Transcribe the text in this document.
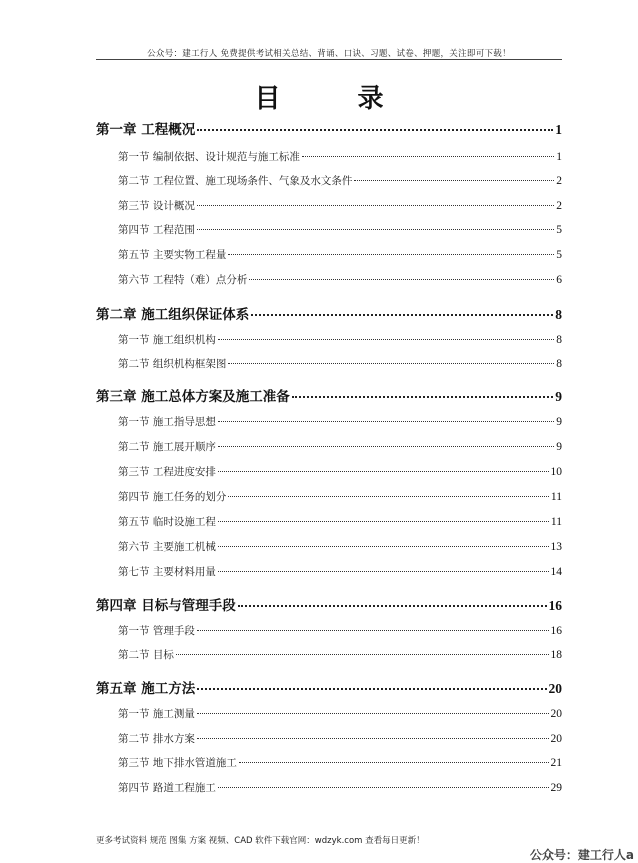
公众号：建工行人 免费提供考试相关总结、背诵、口诀、习题、试卷、押题，关注即可下载！
目 录
第一章 工程概况	1
第一节 编制依据、设计规范与施工标准	1
第二节 工程位置、施工现场条件、气象及水文条件	2
第三节 设计概况	2
第四节 工程范围	5
第五节 主要实物工程量	5
第六节 工程特（难）点分析	6
第二章 施工组织保证体系	8
第一节 施工组织机构	8
第二节 组织机构框架图	8
第三章 施工总体方案及施工准备	9
第一节 施工指导思想	9
第二节 施工展开顺序	9
第三节 工程进度安排	10
第四节 施工任务的划分	11
第五节 临时设施工程	11
第六节 主要施工机械	13
第七节 主要材料用量	14
第四章 目标与管理手段	16
第一节 管理手段	16
第二节 目标	18
第五章 施工方法	20
第一节 施工测量	20
第二节 排水方案	20
第三节 地下排水管道施工	21
第四节 路道工程施工	29
更多考试资料 规范 图集 方案 视频、CAD 软件下载官网：wdzyk.com 查看每日更新！
公众号：建工行人a
